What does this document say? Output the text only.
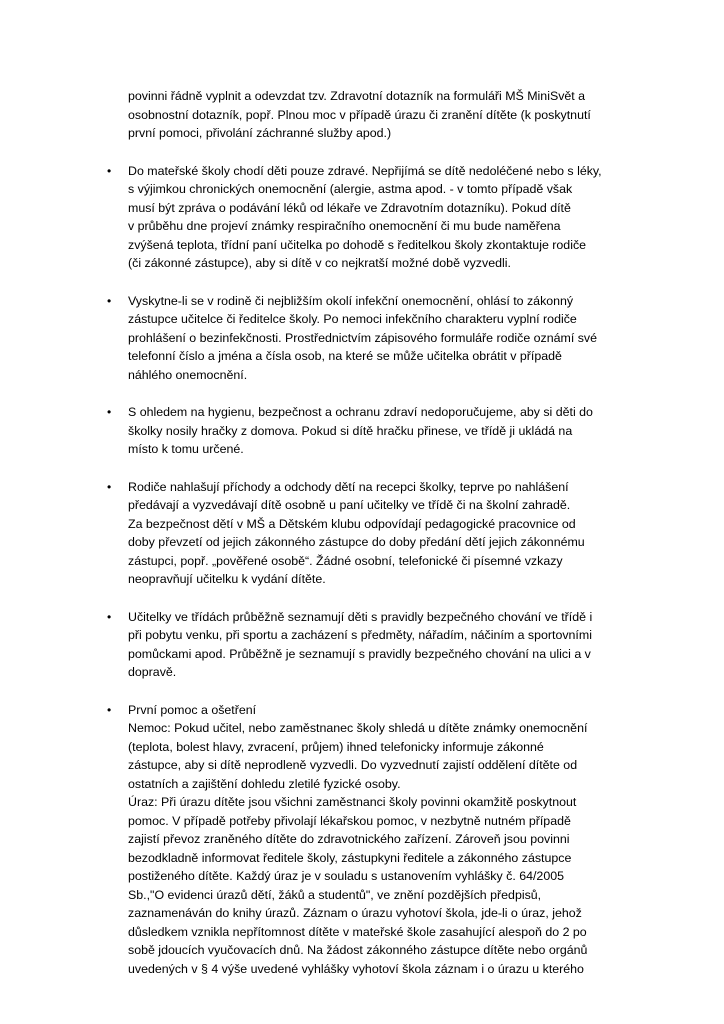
povinni řádně vyplnit a odevzdat tzv. Zdravotní dotazník na formuláři MŠ MiniSvět a
osobnostní dotazník, popř. Plnou moc v případě úrazu či zranění dítěte (k poskytnutí
první pomoci, přivolání záchranné služby apod.)

• Do mateřské školy chodí děti pouze zdravé. Nepřijímá se dítě nedoléčené nebo s léky,
s výjimkou chronických onemocnění (alergie, astma apod. - v tomto případě však
musí být zpráva o podávání léků od lékaře ve Zdravotním dotazníku). Pokud dítě
v průběhu dne projeví známky respiračního onemocnění či mu bude naměřena
zvýšená teplota, třídní paní učitelka po dohodě s ředitelkou školy zkontaktuje rodiče
(či zákonné zástupce), aby si dítě v co nejkratší možné době vyzvedli.
• Vyskytne-li se v rodině či nejbližším okolí infekční onemocnění, ohlásí to zákonný
zástupce učitelce či ředitelce školy. Po nemoci infekčního charakteru vyplní rodiče
prohlášení o bezinfekčnosti. Prostřednictvím zápisového formuláře rodiče oznámí své
telefonní číslo a jména a čísla osob, na které se může učitelka obrátit v případě
náhlého onemocnění.
• S ohledem na hygienu, bezpečnost a ochranu zdraví nedoporučujeme, aby si děti do
školky nosily hračky z domova. Pokud si dítě hračku přinese, ve třídě ji ukládá na
místo k tomu určené.
• Rodiče nahlašují příchody a odchody dětí na recepci školky, teprve po nahlášení
předávají a vyzvedávají dítě osobně u paní učitelky ve třídě či na školní zahradě.
Za bezpečnost dětí v MŠ a Dětském klubu odpovídají pedagogické pracovnice od
doby převzetí od jejich zákonného zástupce do doby předání dětí jejich zákonnému
zástupci, popř. „pověřené osobě“. Žádné osobní, telefonické či písemné vzkazy
neopravňují učitelku k vydání dítěte.
• Učitelky ve třídách průběžně seznamují děti s pravidly bezpečného chování ve třídě i
při pobytu venku, při sportu a zacházení s předměty, nářadím, náčiním a sportovními
pomůckami apod. Průběžně je seznamují s pravidly bezpečného chování na ulici a v
dopravě.
• První pomoc a ošetření
Nemoc: Pokud učitel, nebo zaměstnanec školy shledá u dítěte známky onemocnění
(teplota, bolest hlavy, zvracení, průjem) ihned telefonicky informuje zákonné
zástupce, aby si dítě neprodleně vyzvedli. Do vyzvednutí zajistí oddělení dítěte od
ostatních a zajištění dohledu zletilé fyzické osoby.
Úraz: Při úrazu dítěte jsou všichni zaměstnanci školy povinni okamžitě poskytnout
pomoc. V případě potřeby přivolají lékařskou pomoc, v nezbytně nutném případě
zajistí převoz zraněného dítěte do zdravotnického zařízení. Zároveň jsou povinni
bezodkladně informovat ředitele školy, zástupkyni ředitele a zákonného zástupce
postiženého dítěte. Každý úraz je v souladu s ustanovením vyhlášky č. 64/2005
Sb.,"O evidenci úrazů dětí, žáků a studentů", ve znění pozdějších předpisů,
zaznamenáván do knihy úrazů. Záznam o úrazu vyhotoví škola, jde-li o úraz, jehož
důsledkem vznikla nepřítomnost dítěte v mateřské škole zasahující alespoň do 2 po
sobě jdoucích vyučovacích dnů. Na žádost zákonného zástupce dítěte nebo orgánů
uvedených v § 4 výše uvedené vyhlášky vyhotoví škola záznam i o úrazu u kterého
